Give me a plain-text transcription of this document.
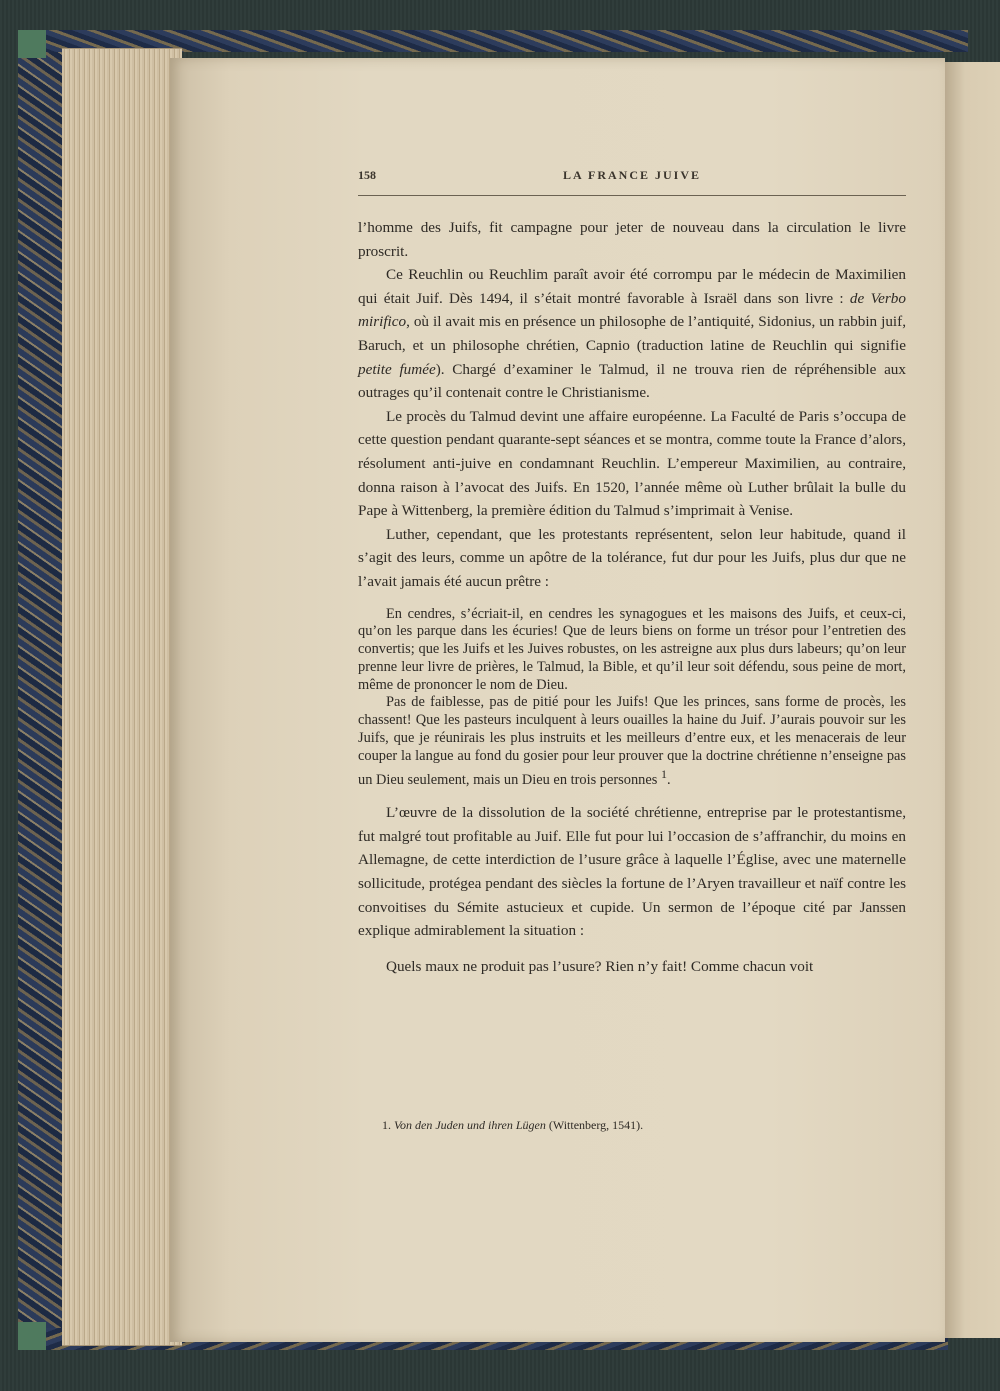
158	LA FRANCE JUIVE

l’homme des Juifs, fit campagne pour jeter de nouveau dans la circulation le livre proscrit.

Ce Reuchlin ou Reuchlim paraît avoir été corrompu par le médecin de Maximilien qui était Juif. Dès 1494, il s’était montré favorable à Israël dans son livre : de Verbo mirifico, où il avait mis en présence un philosophe de l’antiquité, Sidonius, un rabbin juif, Baruch, et un philosophe chrétien, Capnio (traduction latine de Reuchlin qui signifie petite fumée). Chargé d’examiner le Talmud, il ne trouva rien de répréhensible aux outrages qu’il contenait contre le Christianisme.

Le procès du Talmud devint une affaire européenne. La Faculté de Paris s’occupa de cette question pendant quarante-sept séances et se montra, comme toute la France d’alors, résolument anti-juive en condamnant Reuchlin. L’empereur Maximilien, au contraire, donna raison à l’avocat des Juifs. En 1520, l’année même où Luther brûlait la bulle du Pape à Wittenberg, la première édition du Talmud s’imprimait à Venise.

Luther, cependant, que les protestants représentent, selon leur habitude, quand il s’agit des leurs, comme un apôtre de la tolérance, fut dur pour les Juifs, plus dur que ne l’avait jamais été aucun prêtre :

En cendres, s’écriait-il, en cendres les synagogues et les maisons des Juifs, et ceux-ci, qu’on les parque dans les écuries! Que de leurs biens on forme un trésor pour l’entretien des convertis; que les Juifs et les Juives robustes, on les astreigne aux plus durs labeurs; qu’on leur prenne leur livre de prières, le Talmud, la Bible, et qu’il leur soit défendu, sous peine de mort, même de prononcer le nom de Dieu.

Pas de faiblesse, pas de pitié pour les Juifs! Que les princes, sans forme de procès, les chassent! Que les pasteurs inculquent à leurs ouailles la haine du Juif. J’aurais pouvoir sur les Juifs, que je réunirais les plus instruits et les meilleurs d’entre eux, et les menacerais de leur couper la langue au fond du gosier pour leur prouver que la doctrine chrétienne n’enseigne pas un Dieu seulement, mais un Dieu en trois personnes $^1$.

L’œuvre de la dissolution de la société chrétienne, entreprise par le protestantisme, fut malgré tout profitable au Juif. Elle fut pour lui l’occasion de s’affranchir, du moins en Allemagne, de cette interdiction de l’usure grâce à laquelle l’Église, avec une maternelle sollicitude, protégea pendant des siècles la fortune de l’Aryen travailleur et naïf contre les convoitises du Sémite astucieux et cupide. Un sermon de l’époque cité par Janssen explique admirablement la situation :

Quels maux ne produit pas l’usure? Rien n’y fait! Comme chacun voit

1. Von den Juden und ihren Lügen (Wittenberg, 1541).
